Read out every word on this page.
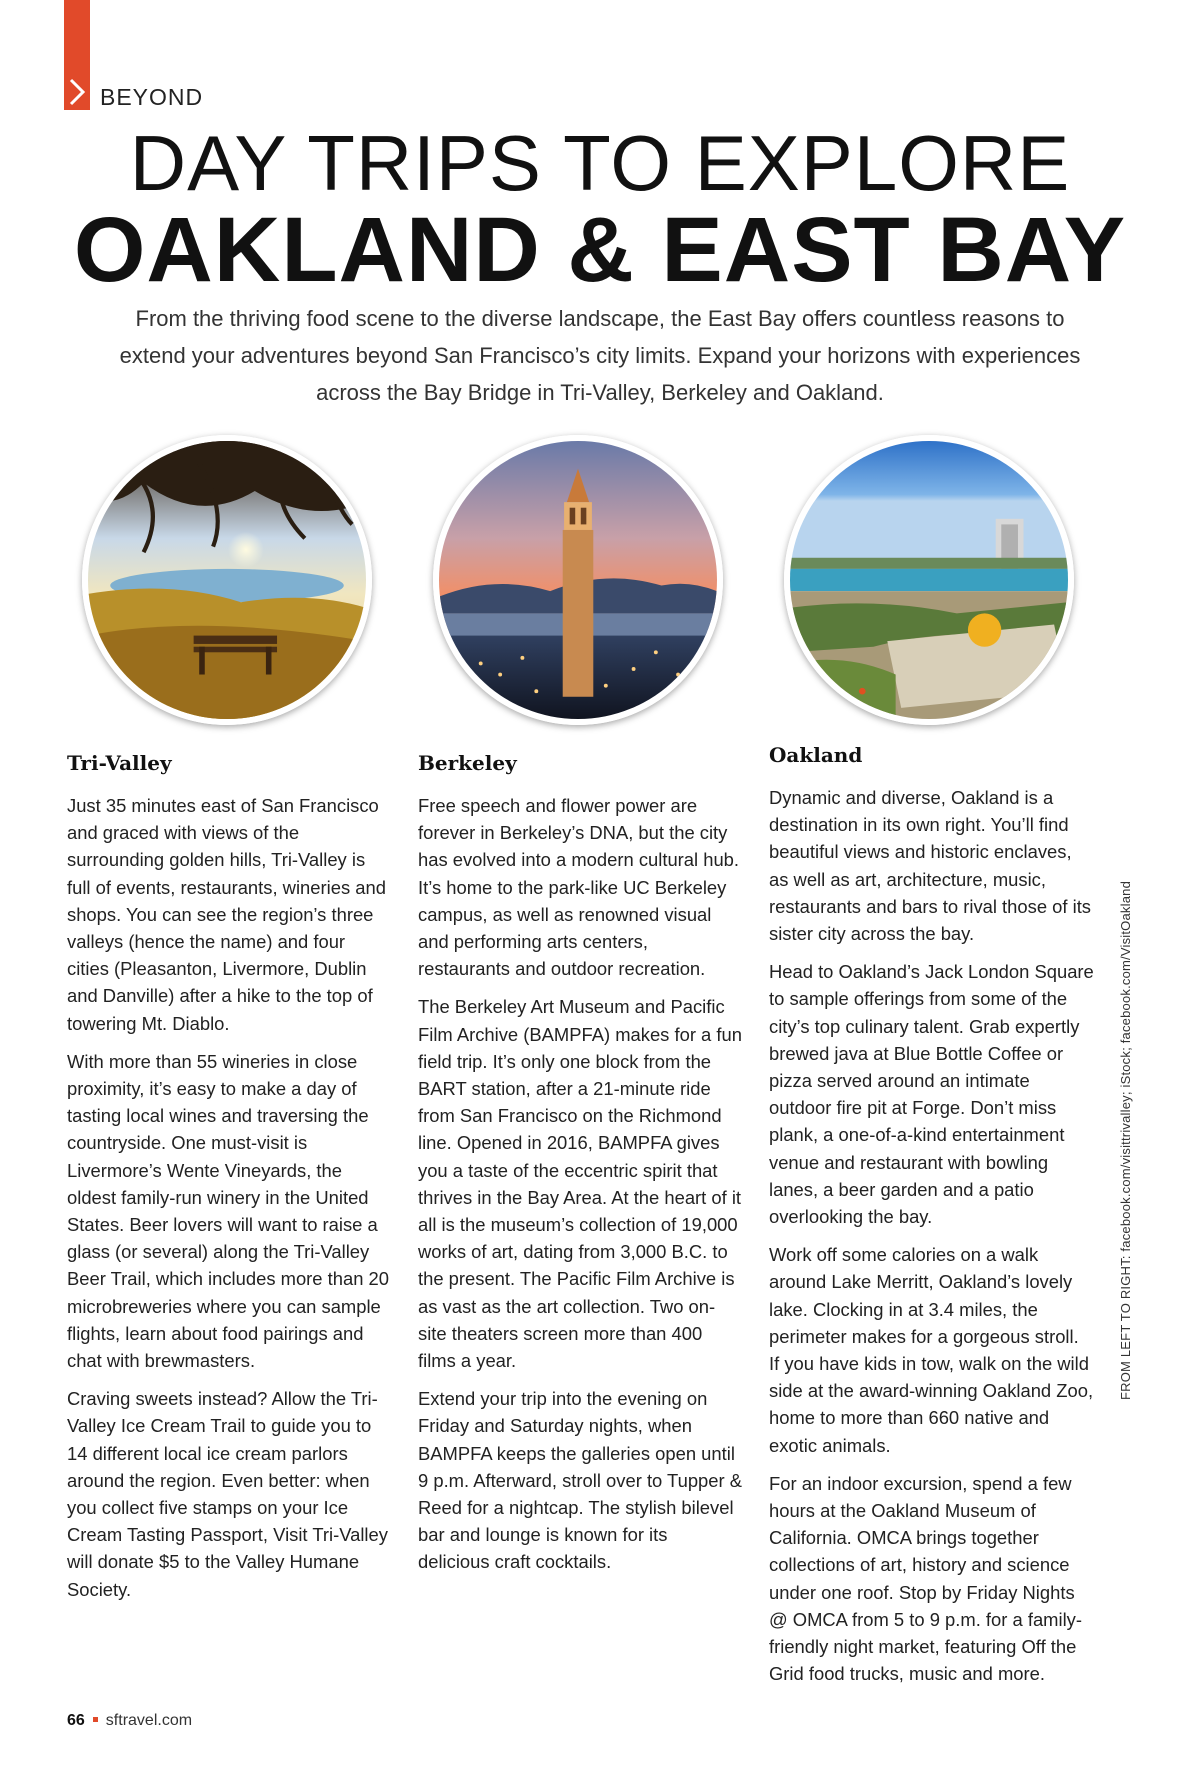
BEYOND
DAY TRIPS TO EXPLORE
OAKLAND & EAST BAY

From the thriving food scene to the diverse landscape, the East Bay offers countless reasons to extend your adventures beyond San Francisco’s city limits. Expand your horizons with experiences across the Bay Bridge in Tri-Valley, Berkeley and Oakland.

Tri-Valley

Just 35 minutes east of San Francisco and graced with views of the surrounding golden hills, Tri-Valley is full of events, restaurants, wineries and shops. You can see the region’s three valleys (hence the name) and four cities (Pleasanton, Livermore, Dublin and Danville) after a hike to the top of towering Mt. Diablo.

With more than 55 wineries in close proximity, it’s easy to make a day of tasting local wines and traversing the countryside. One must-visit is Livermore’s Wente Vineyards, the oldest family-run winery in the United States. Beer lovers will want to raise a glass (or several) along the Tri-Valley Beer Trail, which includes more than 20 microbreweries where you can sample flights, learn about food pairings and chat with brewmasters.

Craving sweets instead? Allow the Tri-Valley Ice Cream Trail to guide you to 14 different local ice cream parlors around the region. Even better: when you collect five stamps on your Ice Cream Tasting Passport, Visit Tri-Valley will donate $5 to the Valley Humane Society.

Berkeley

Free speech and flower power are forever in Berkeley’s DNA, but the city has evolved into a modern cultural hub. It’s home to the park-like UC Berkeley campus, as well as renowned visual and performing arts centers, restaurants and outdoor recreation.

The Berkeley Art Museum and Pacific Film Archive (BAMPFA) makes for a fun field trip. It’s only one block from the BART station, after a 21-minute ride from San Francisco on the Richmond line. Opened in 2016, BAMPFA gives you a taste of the eccentric spirit that thrives in the Bay Area. At the heart of it all is the museum’s collection of 19,000 works of art, dating from 3,000 B.C. to the present. The Pacific Film Archive is as vast as the art collection. Two on-site theaters screen more than 400 films a year.

Extend your trip into the evening on Friday and Saturday nights, when BAMPFA keeps the galleries open until 9 p.m. Afterward, stroll over to Tupper & Reed for a nightcap. The stylish bilevel bar and lounge is known for its delicious craft cocktails.

Oakland

Dynamic and diverse, Oakland is a destination in its own right. You’ll find beautiful views and historic enclaves, as well as art, architecture, music, restaurants and bars to rival those of its sister city across the bay.

Head to Oakland’s Jack London Square to sample offerings from some of the city’s top culinary talent. Grab expertly brewed java at Blue Bottle Coffee or pizza served around an intimate outdoor fire pit at Forge. Don’t miss plank, a one-of-a-kind entertainment venue and restaurant with bowling lanes, a beer garden and a patio overlooking the bay.

Work off some calories on a walk around Lake Merritt, Oakland’s lovely lake. Clocking in at 3.4 miles, the perimeter makes for a gorgeous stroll. If you have kids in tow, walk on the wild side at the award-winning Oakland Zoo, home to more than 660 native and exotic animals.

For an indoor excursion, spend a few hours at the Oakland Museum of California. OMCA brings together collections of art, history and science under one roof. Stop by Friday Nights @ OMCA from 5 to 9 p.m. for a family-friendly night market, featuring Off the Grid food trucks, music and more.

FROM LEFT TO RIGHT: facebook.com/visittrivalley; iStock; facebook.com/VisitOakland
66 sftravel.com
